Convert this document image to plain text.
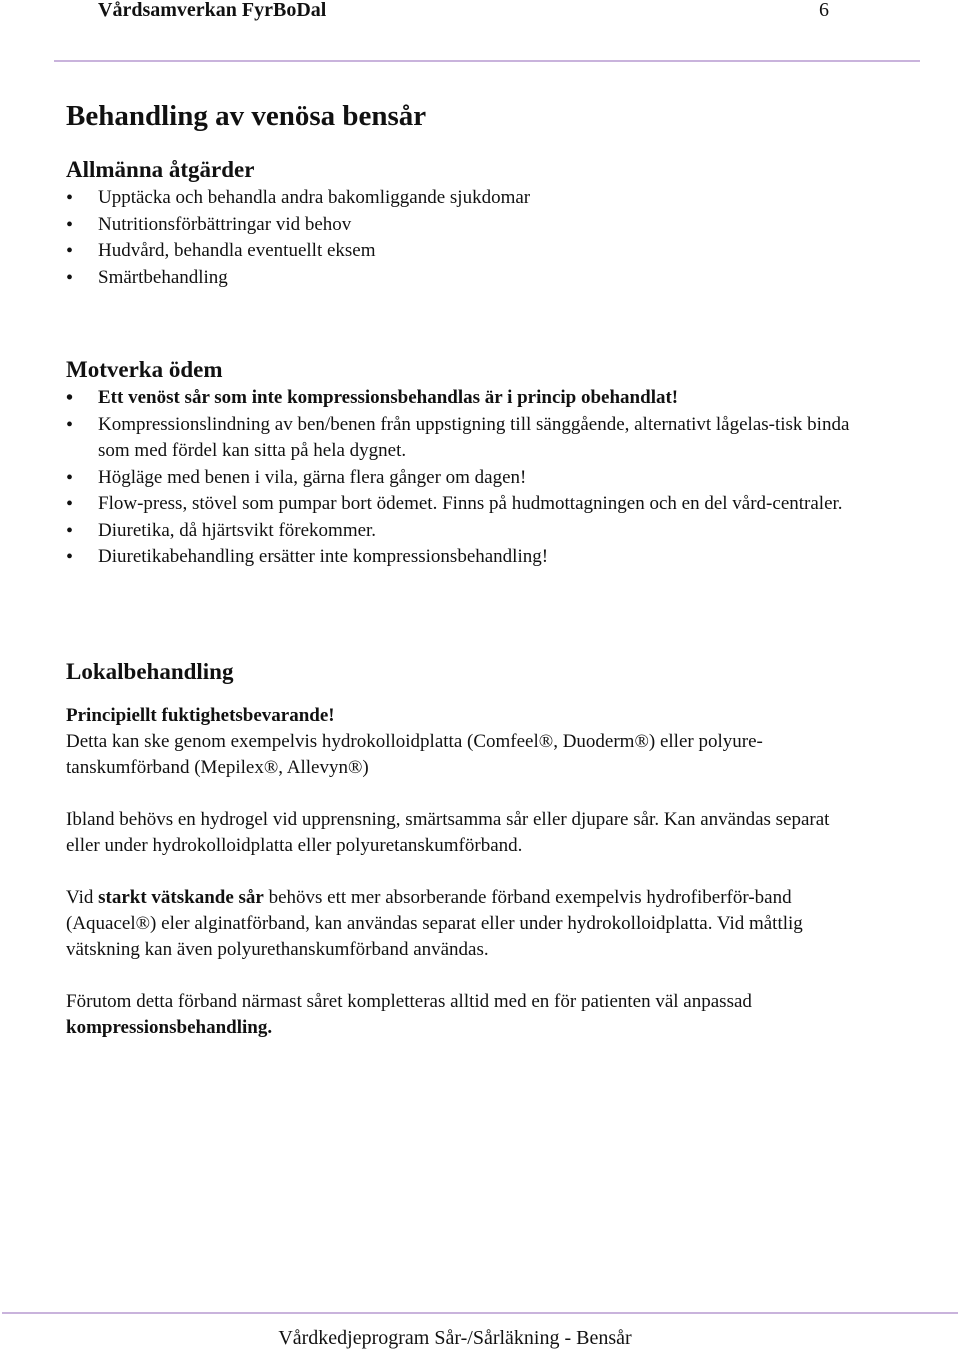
Vårdsamverkan FyrBoDal	6
Behandling av venösa bensår
Allmänna åtgärder
• Upptäcka och behandla andra bakomliggande sjukdomar
• Nutritionsförbättringar vid behov
• Hudvård, behandla eventuellt eksem
• Smärtbehandling
Motverka ödem
• Ett venöst sår som inte kompressionsbehandlas är i princip obehandlat!
• Kompressionslindning av ben/benen från uppstigning till sänggående, alternativt lågelas-tisk binda som med fördel kan sitta på hela dygnet.
• Högläge med benen i vila, gärna flera gånger om dagen!
• Flow-press, stövel som pumpar bort ödemet. Finns på hudmottagningen och en del vård-centraler.
• Diuretika, då hjärtsvikt förekommer.
• Diuretikabehandling ersätter inte kompressionsbehandling!
Lokalbehandling

Principiellt fuktighetsbevarande!

Detta kan ske genom exempelvis hydrokolloidplatta (Comfeel®, Duoderm®) eller polyure-tanskumförband (Mepilex®, Allevyn®)

Ibland behövs en hydrogel vid upprensning, smärtsamma sår eller djupare sår. Kan användas separat eller under hydrokolloidplatta eller polyuretanskumförband.

Vid starkt vätskande sår behövs ett mer absorberande förband exempelvis hydrofiberför-band (Aquacel®) eler alginatförband, kan användas separat eller under hydrokolloidplatta. Vid måttlig vätskning kan även polyurethanskumförband användas.

Förutom detta förband närmast såret kompletteras alltid med en för patienten väl anpassad kompressionsbehandling.

Vårdkedjeprogram Sår-/Sårläkning - Bensår
